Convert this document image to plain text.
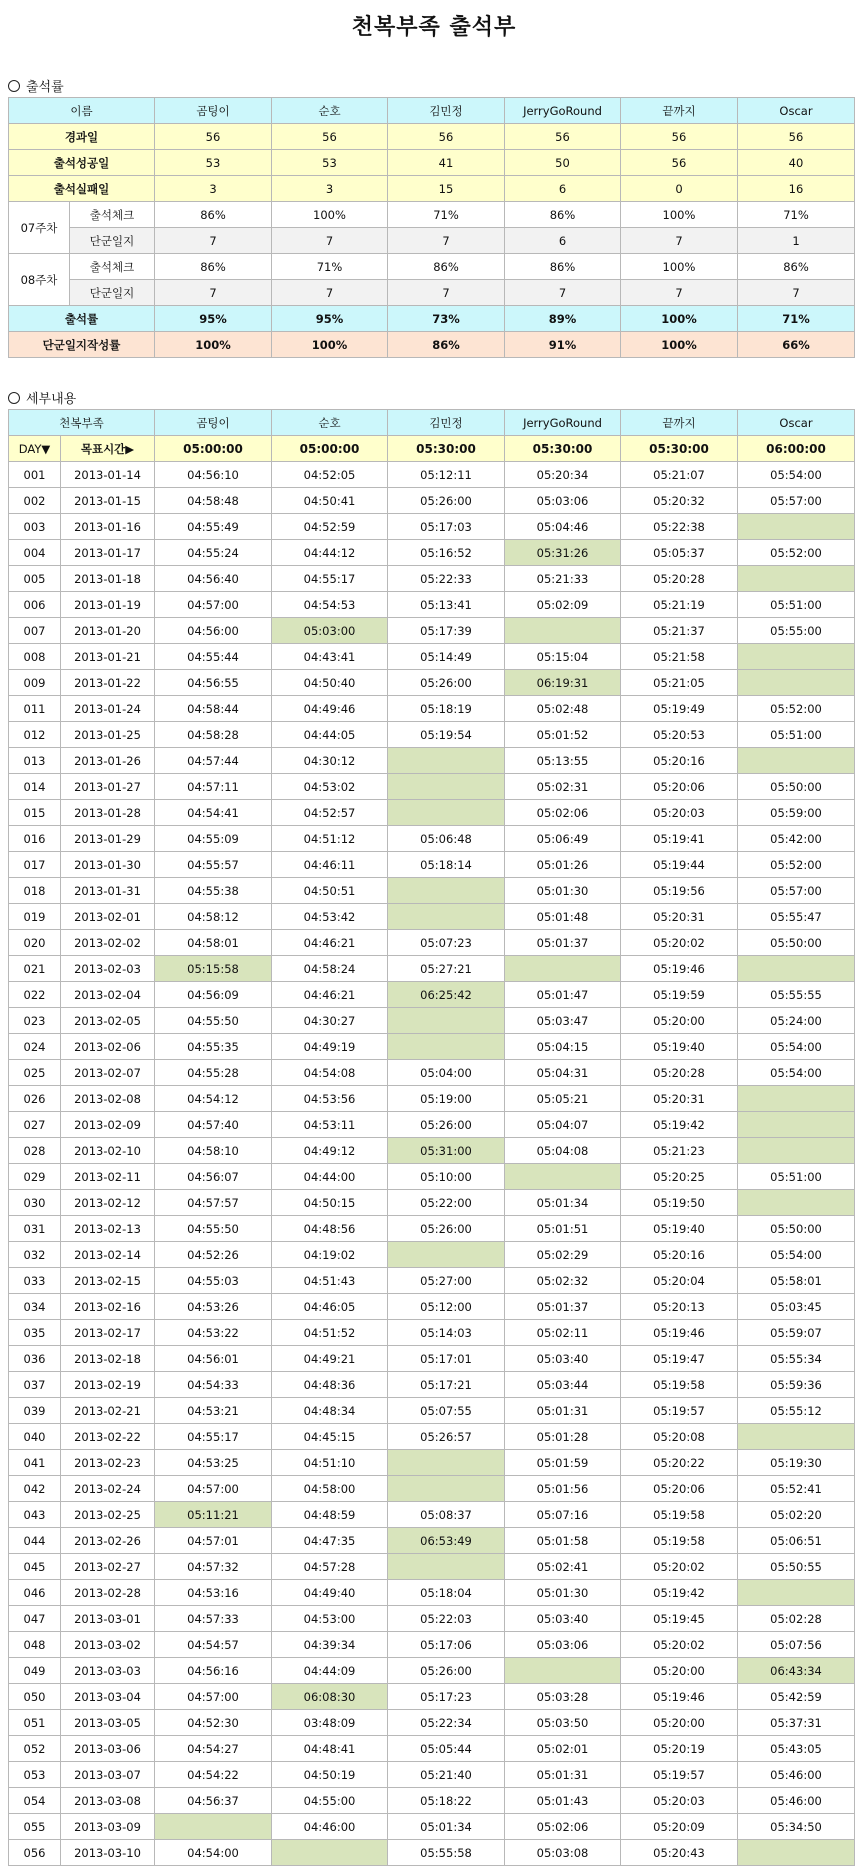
천복부족 출석부
출석률
이름		곰팅이	순호	김민정	JerryGoRound	끝까지	Oscar
경과일		56	56	56	56	56	56
출석성공일		53	53	41	50	56	40
출석실패일		3	3	15	6	0	16
07주차	출석체크	86%	100%	71%	86%	100%	71%
	단군일지	7	7	7	6	7	1
08주차	출석체크	86%	71%	86%	86%	100%	86%
	단군일지	7	7	7	7	7	7
출석률		95%	95%	73%	89%	100%	71%
단군일지작성률		100%	100%	86%	91%	100%	66%
세부내용
천복부족		곰팅이	순호	김민정	JerryGoRound	끝까지	Oscar
DAY▼	목표시간▶	05:00:00	05:00:00	05:30:00	05:30:00	05:30:00	06:00:00
001	2013-01-14	04:56:10	04:52:05	05:12:11	05:20:34	05:21:07	05:54:00
002	2013-01-15	04:58:48	04:50:41	05:26:00	05:03:06	05:20:32	05:57:00
003	2013-01-16	04:55:49	04:52:59	05:17:03	05:04:46	05:22:38	
004	2013-01-17	04:55:24	04:44:12	05:16:52	05:31:26	05:05:37	05:52:00
005	2013-01-18	04:56:40	04:55:17	05:22:33	05:21:33	05:20:28	
006	2013-01-19	04:57:00	04:54:53	05:13:41	05:02:09	05:21:19	05:51:00
007	2013-01-20	04:56:00	05:03:00	05:17:39		05:21:37	05:55:00
008	2013-01-21	04:55:44	04:43:41	05:14:49	05:15:04	05:21:58	
009	2013-01-22	04:56:55	04:50:40	05:26:00	06:19:31	05:21:05	
011	2013-01-24	04:58:44	04:49:46	05:18:19	05:02:48	05:19:49	05:52:00
012	2013-01-25	04:58:28	04:44:05	05:19:54	05:01:52	05:20:53	05:51:00
013	2013-01-26	04:57:44	04:30:12		05:13:55	05:20:16	
014	2013-01-27	04:57:11	04:53:02		05:02:31	05:20:06	05:50:00
015	2013-01-28	04:54:41	04:52:57		05:02:06	05:20:03	05:59:00
016	2013-01-29	04:55:09	04:51:12	05:06:48	05:06:49	05:19:41	05:42:00
017	2013-01-30	04:55:57	04:46:11	05:18:14	05:01:26	05:19:44	05:52:00
018	2013-01-31	04:55:38	04:50:51		05:01:30	05:19:56	05:57:00
019	2013-02-01	04:58:12	04:53:42		05:01:48	05:20:31	05:55:47
020	2013-02-02	04:58:01	04:46:21	05:07:23	05:01:37	05:20:02	05:50:00
021	2013-02-03	05:15:58	04:58:24	05:27:21		05:19:46	
022	2013-02-04	04:56:09	04:46:21	06:25:42	05:01:47	05:19:59	05:55:55
023	2013-02-05	04:55:50	04:30:27		05:03:47	05:20:00	05:24:00
024	2013-02-06	04:55:35	04:49:19		05:04:15	05:19:40	05:54:00
025	2013-02-07	04:55:28	04:54:08	05:04:00	05:04:31	05:20:28	05:54:00
026	2013-02-08	04:54:12	04:53:56	05:19:00	05:05:21	05:20:31	
027	2013-02-09	04:57:40	04:53:11	05:26:00	05:04:07	05:19:42	
028	2013-02-10	04:58:10	04:49:12	05:31:00	05:04:08	05:21:23	
029	2013-02-11	04:56:07	04:44:00	05:10:00		05:20:25	05:51:00
030	2013-02-12	04:57:57	04:50:15	05:22:00	05:01:34	05:19:50	
031	2013-02-13	04:55:50	04:48:56	05:26:00	05:01:51	05:19:40	05:50:00
032	2013-02-14	04:52:26	04:19:02		05:02:29	05:20:16	05:54:00
033	2013-02-15	04:55:03	04:51:43	05:27:00	05:02:32	05:20:04	05:58:01
034	2013-02-16	04:53:26	04:46:05	05:12:00	05:01:37	05:20:13	05:03:45
035	2013-02-17	04:53:22	04:51:52	05:14:03	05:02:11	05:19:46	05:59:07
036	2013-02-18	04:56:01	04:49:21	05:17:01	05:03:40	05:19:47	05:55:34
037	2013-02-19	04:54:33	04:48:36	05:17:21	05:03:44	05:19:58	05:59:36
039	2013-02-21	04:53:21	04:48:34	05:07:55	05:01:31	05:19:57	05:55:12
040	2013-02-22	04:55:17	04:45:15	05:26:57	05:01:28	05:20:08	
041	2013-02-23	04:53:25	04:51:10		05:01:59	05:20:22	05:19:30
042	2013-02-24	04:57:00	04:58:00		05:01:56	05:20:06	05:52:41
043	2013-02-25	05:11:21	04:48:59	05:08:37	05:07:16	05:19:58	05:02:20
044	2013-02-26	04:57:01	04:47:35	06:53:49	05:01:58	05:19:58	05:06:51
045	2013-02-27	04:57:32	04:57:28		05:02:41	05:20:02	05:50:55
046	2013-02-28	04:53:16	04:49:40	05:18:04	05:01:30	05:19:42	
047	2013-03-01	04:57:33	04:53:00	05:22:03	05:03:40	05:19:45	05:02:28
048	2013-03-02	04:54:57	04:39:34	05:17:06	05:03:06	05:20:02	05:07:56
049	2013-03-03	04:56:16	04:44:09	05:26:00		05:20:00	06:43:34
050	2013-03-04	04:57:00	06:08:30	05:17:23	05:03:28	05:19:46	05:42:59
051	2013-03-05	04:52:30	03:48:09	05:22:34	05:03:50	05:20:00	05:37:31
052	2013-03-06	04:54:27	04:48:41	05:05:44	05:02:01	05:20:19	05:43:05
053	2013-03-07	04:54:22	04:50:19	05:21:40	05:01:31	05:19:57	05:46:00
054	2013-03-08	04:56:37	04:55:00	05:18:22	05:01:43	05:20:03	05:46:00
055	2013-03-09		04:46:00	05:01:34	05:02:06	05:20:09	05:34:50
056	2013-03-10	04:54:00		05:55:58	05:03:08	05:20:43	
